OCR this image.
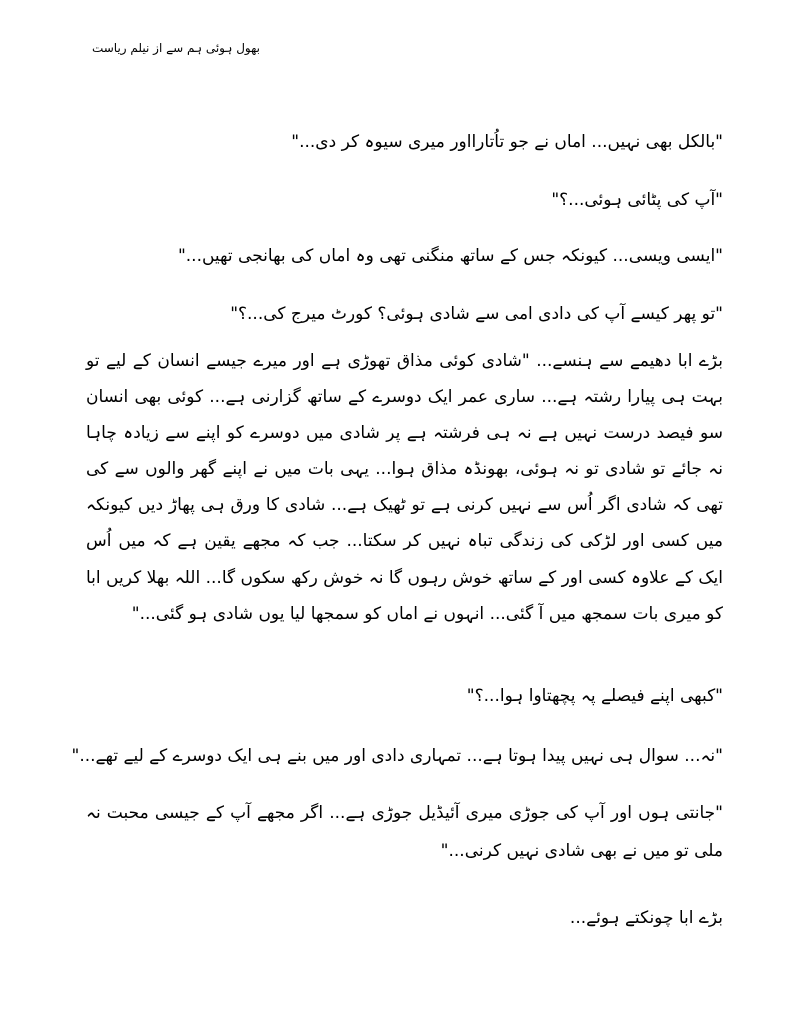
بھول ہوئی ہم سے از نیلم ریاست

"بالکل بھی نہیں... اماں نے جو تاُتارااور میری سیوہ کر دی..."

"آپ کی پٹائی ہوئی...؟"

"ایسی ویسی... کیونکہ جس کے ساتھ منگنی تھی وہ اماں کی بھانجی تھیں..."

"تو پھر کیسے آپ کی دادی امی سے شادی ہوئی؟ کورٹ میرج کی...؟"

بڑے ابا دھیمے سے ہنسے... "شادی کوئی مذاق تھوڑی ہے اور میرے جیسے انسان کے لیے تو بہت ہی پیارا رشتہ ہے... ساری عمر ایک دوسرے کے ساتھ گزارنی ہے... کوئی بھی انسان سو فیصد درست نہیں ہے نہ ہی فرشتہ ہے پر شادی میں دوسرے کو اپنے سے زیادہ چاہا نہ جائے تو شادی تو نہ ہوئی، بھونڈہ مذاق ہوا... یہی بات میں نے اپنے گھر والوں سے کی تھی کہ شادی اگر اُس سے نہیں کرنی ہے تو ٹھیک ہے... شادی کا ورق ہی پھاڑ دیں کیونکہ میں کسی اور لڑکی کی زندگی تباہ نہیں کر سکتا... جب کہ مجھے یقین ہے کہ میں اُس ایک کے علاوہ کسی اور کے ساتھ خوش رہوں گا نہ خوش رکھ سکوں گا... اللہ بھلا کریں ابا کو میری بات سمجھ میں آ گئی... انہوں نے اماں کو سمجھا لیا یوں شادی ہو گئی..."

"کبھی اپنے فیصلے پہ پچھتاوا ہوا...؟"

"نہ... سوال ہی نہیں پیدا ہوتا ہے... تمہاری دادی اور میں بنے ہی ایک دوسرے کے لیے تھے..."

"جانتی ہوں اور آپ کی جوڑی میری آئیڈیل جوڑی ہے... اگر مجھے آپ کے جیسی محبت نہ ملی تو میں نے بھی شادی نہیں کرنی..."

بڑے ابا چونکتے ہوئے...
